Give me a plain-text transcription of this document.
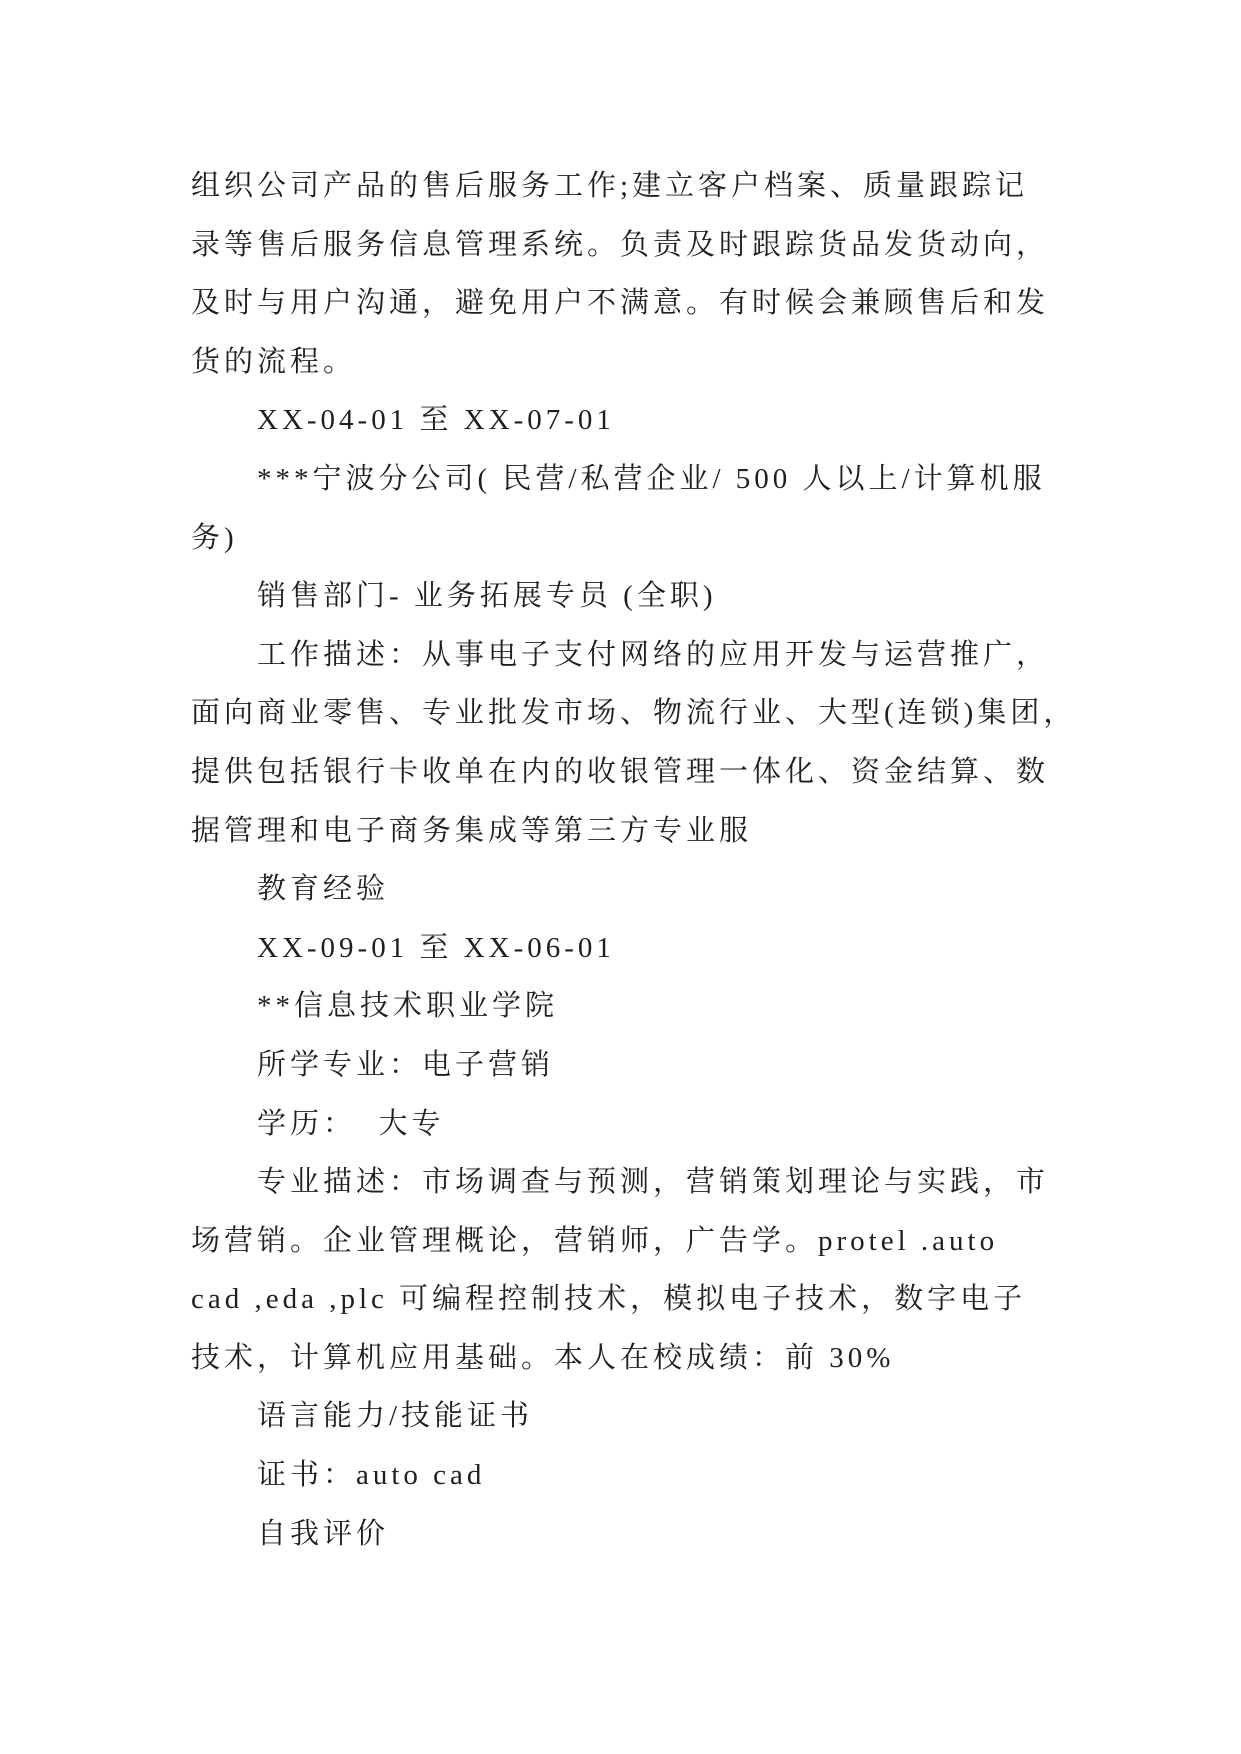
组织公司产品的售后服务工作;建立客户档案、质量跟踪记
录等售后服务信息管理系统。负责及时跟踪货品发货动向，
及时与用户沟通，避免用户不满意。有时候会兼顾售后和发
货的流程。
XX-04-01 至 XX-07-01
***宁波分公司( 民营/私营企业/ 500 人以上/计算机服
务)
销售部门- 业务拓展专员 (全职)
工作描述：从事电子支付网络的应用开发与运营推广，
面向商业零售、专业批发市场、物流行业、大型(连锁)集团，
提供包括银行卡收单在内的收银管理一体化、资金结算、数
据管理和电子商务集成等第三方专业服
教育经验
XX-09-01 至 XX-06-01
**信息技术职业学院
所学专业：电子营销
学历：  大专
专业描述：市场调查与预测，营销策划理论与实践，市
场营销。企业管理概论，营销师，广告学。protel .auto
cad ,eda ,plc 可编程控制技术，模拟电子技术，数字电子
技术，计算机应用基础。本人在校成绩：前 30%
语言能力/技能证书
证书：auto cad
自我评价
